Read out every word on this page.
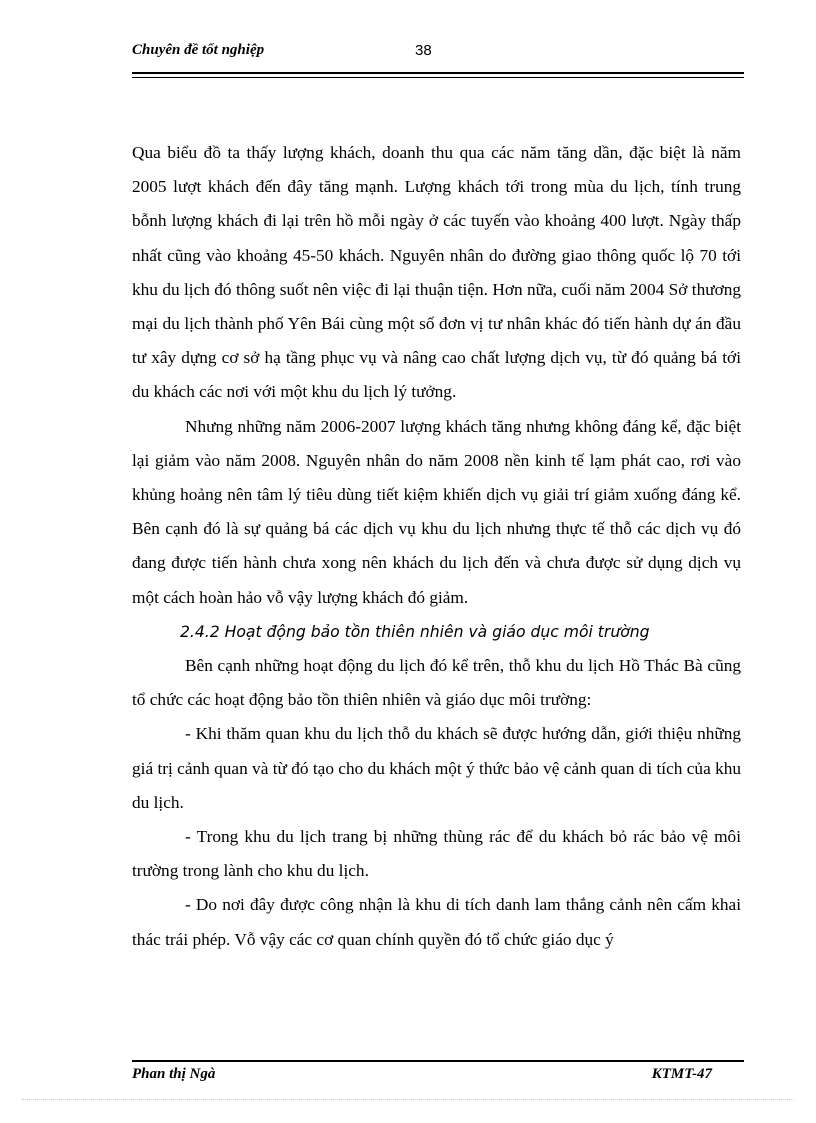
Chuyên đề tốt nghiệp	38

Qua biểu đồ ta thấy lượng khách, doanh thu qua các năm tăng dần, đặc biệt là năm 2005 lượt khách đến đây tăng mạnh. Lượng khách tới trong mùa du lịch, tính trung bỗnh lượng khách đi lại trên hồ mỗi ngày ở các tuyến vào khoảng 400 lượt. Ngày thấp nhất cũng vào khoảng 45-50 khách. Nguyên nhân do đường giao thông quốc lộ 70 tới khu du lịch đó thông suốt nên việc đi lại thuận tiện. Hơn nữa, cuối năm 2004 Sở thương mại du lịch thành phố Yên Bái cùng một số đơn vị tư nhân khác đó tiến hành dự án đầu tư xây dựng cơ sở hạ tầng phục vụ và nâng cao chất lượng dịch vụ, từ đó quảng bá tới du khách các nơi với một khu du lịch lý tưởng.

Nhưng những năm 2006-2007 lượng khách tăng nhưng không đáng kể, đặc biệt lại giảm vào năm 2008. Nguyên nhân do năm 2008 nền kinh tế lạm phát cao, rơi vào khủng hoảng nên tâm lý tiêu dùng tiết kiệm khiến dịch vụ giải trí giảm xuống đáng kể. Bên cạnh đó là sự quảng bá các dịch vụ khu du lịch nhưng thực tế thỗ các dịch vụ đó đang được tiến hành chưa xong nên khách du lịch đến và chưa được sử dụng dịch vụ một cách hoàn hảo vỗ vậy lượng khách đó giảm.

2.4.2 Hoạt động bảo tồn thiên nhiên và giáo dục môi trường

Bên cạnh những hoạt động du lịch đó kể trên, thỗ khu du lịch Hồ Thác Bà cũng tổ chức các hoạt động bảo tồn thiên nhiên và giáo dục môi trường:

- Khi thăm quan khu du lịch thỗ du khách sẽ được hướng dẫn, giới thiệu những giá trị cảnh quan và từ đó tạo cho du khách một ý thức bảo vệ cảnh quan di tích của khu du lịch.

- Trong khu du lịch trang bị những thùng rác để du khách bỏ rác bảo vệ môi trường trong lành cho khu du lịch.

- Do nơi đây được công nhận là khu di tích danh lam thắng cảnh nên cấm khai thác trái phép. Vỗ vậy các cơ quan chính quyền đó tổ chức giáo dục ý

Phan thị Ngà	KTMT-47
